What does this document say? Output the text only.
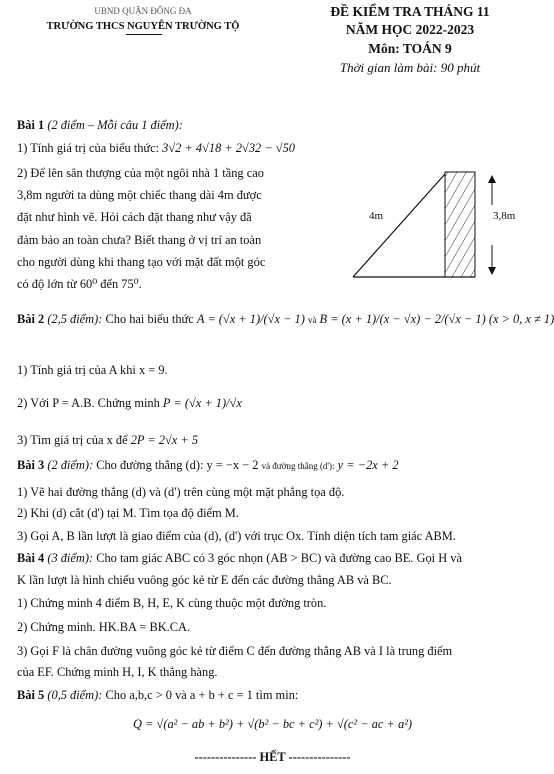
UBND QUẬN ĐỐNG ĐA
TRƯỜNG THCS NGUYỄN TRƯỜNG TỘ
ĐỀ KIỂM TRA THÁNG 11
NĂM HỌC 2022-2023
Môn: TOÁN 9
Thời gian làm bài: 90 phút
Bài 1 (2 điểm – Mỗi câu 1 điểm):
1) Tính giá trị của biểu thức: 3√2 + 4√18 + 2√32 − √50
2) Để lên sân thượng của một ngôi nhà 1 tầng cao
3,8m người ta dùng một chiếc thang dài 4m được
đặt như hình vẽ. Hỏi cách đặt thang như vậy đã
đảm bảo an toàn chưa? Biết thang ở vị trí an toàn
cho người dùng khi thang tạo với mặt đất một góc
có độ lớn từ 60⁰ đến 75⁰.
4m	3,8m
Bài 2 (2,5 điểm): Cho hai biểu thức A = (√x + 1)/(√x − 1) và B = (x + 1)/(x − √x) − 2/(√x − 1) (x > 0, x ≠ 1)
1) Tính giá trị của A khi x = 9.
2) Với P = A.B. Chứng minh P = (√x + 1)/√x
3) Tìm giá trị của x để 2P = 2√x + 5
Bài 3 (2 điểm): Cho đường thẳng (d): y = −x − 2 và đường thẳng (d'): y = −2x + 2
1) Vẽ hai đường thẳng (d) và (d') trên cùng một mặt phẳng tọa độ.
2) Khi (d) cắt (d') tại M. Tìm tọa độ điểm M.
3) Gọi A, B lần lượt là giao điểm của (d), (d') với trục Ox. Tính diện tích tam giác ABM.
Bài 4 (3 điểm): Cho tam giác ABC có 3 góc nhọn (AB > BC) và đường cao BE. Gọi H và
K lần lượt là hình chiếu vuông góc kẻ từ E đến các đường thẳng AB và BC.
1) Chứng minh 4 điểm B, H, E, K cùng thuộc một đường tròn.
2) Chứng minh. HK.BA = BK.CA.
3) Gọi F là chân đường vuông góc kẻ từ điểm C đến đường thẳng AB và I là trung điểm
của EF. Chứng minh H, I, K thẳng hàng.
Bài 5 (0,5 điểm): Cho a,b,c > 0 và a + b + c = 1 tìm min:
Q = √(a² − ab + b²) + √(b² − bc + c²) + √(c² − ac + a²)
--------------- HẾT ---------------
